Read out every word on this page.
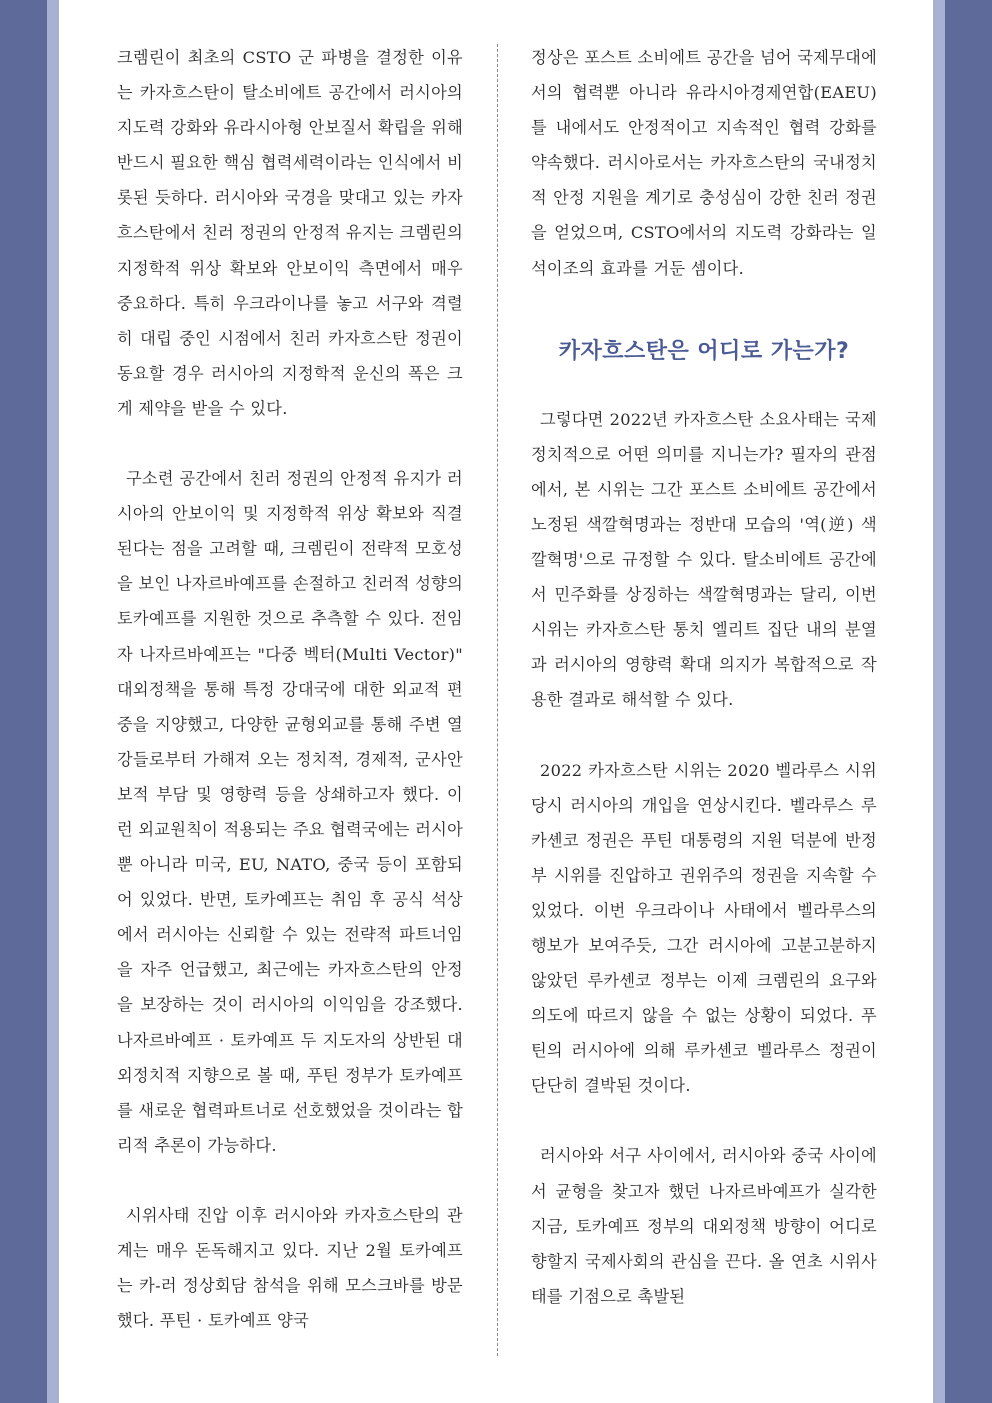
크렘린이 최초의 CSTO 군 파병을 결정한 이유는 카자흐스탄이 탈소비에트 공간에서 러시아의 지도력 강화와 유라시아형 안보질서 확립을 위해 반드시 필요한 핵심 협력세력이라는 인식에서 비롯된 듯하다. 러시아와 국경을 맞대고 있는 카자흐스탄에서 친러 정권의 안정적 유지는 크렘린의 지정학적 위상 확보와 안보이익 측면에서 매우 중요하다. 특히 우크라이나를 놓고 서구와 격렬히 대립 중인 시점에서 친러 카자흐스탄 정권이 동요할 경우 러시아의 지정학적 운신의 폭은 크게 제약을 받을 수 있다.

구소련 공간에서 친러 정권의 안정적 유지가 러시아의 안보이익 및 지정학적 위상 확보와 직결된다는 점을 고려할 때, 크렘린이 전략적 모호성을 보인 나자르바예프를 손절하고 친러적 성향의 토카예프를 지원한 것으로 추측할 수 있다. 전임자 나자르바예프는 "다중 벡터(Multi Vector)" 대외정책을 통해 특정 강대국에 대한 외교적 편중을 지양했고, 다양한 균형외교를 통해 주변 열강들로부터 가해져 오는 정치적, 경제적, 군사안보적 부담 및 영향력 등을 상쇄하고자 했다. 이런 외교원칙이 적용되는 주요 협력국에는 러시아뿐 아니라 미국, EU, NATO, 중국 등이 포함되어 있었다. 반면, 토카예프는 취임 후 공식 석상에서 러시아는 신뢰할 수 있는 전략적 파트너임을 자주 언급했고, 최근에는 카자흐스탄의 안정을 보장하는 것이 러시아의 이익임을 강조했다. 나자르바예프 · 토카예프 두 지도자의 상반된 대외정치적 지향으로 볼 때, 푸틴 정부가 토카예프를 새로운 협력파트너로 선호했었을 것이라는 합리적 추론이 가능하다.

시위사태 진압 이후 러시아와 카자흐스탄의 관계는 매우 돈독해지고 있다. 지난 2월 토카예프는 카-러 정상회담 참석을 위해 모스크바를 방문했다. 푸틴 · 토카예프 양국

정상은 포스트 소비에트 공간을 넘어 국제무대에서의 협력뿐 아니라 유라시아경제연합(EAEU) 틀 내에서도 안정적이고 지속적인 협력 강화를 약속했다. 러시아로서는 카자흐스탄의 국내정치적 안정 지원을 계기로 충성심이 강한 친러 정권을 얻었으며, CSTO에서의 지도력 강화라는 일석이조의 효과를 거둔 셈이다.

카자흐스탄은 어디로 가는가?

그렇다면 2022년 카자흐스탄 소요사태는 국제정치적으로 어떤 의미를 지니는가? 필자의 관점에서, 본 시위는 그간 포스트 소비에트 공간에서 노정된 색깔혁명과는 정반대 모습의 '역(逆) 색깔혁명'으로 규정할 수 있다. 탈소비에트 공간에서 민주화를 상징하는 색깔혁명과는 달리, 이번 시위는 카자흐스탄 통치 엘리트 집단 내의 분열과 러시아의 영향력 확대 의지가 복합적으로 작용한 결과로 해석할 수 있다.

2022 카자흐스탄 시위는 2020 벨라루스 시위 당시 러시아의 개입을 연상시킨다. 벨라루스 루카셴코 정권은 푸틴 대통령의 지원 덕분에 반정부 시위를 진압하고 권위주의 정권을 지속할 수 있었다. 이번 우크라이나 사태에서 벨라루스의 행보가 보여주듯, 그간 러시아에 고분고분하지 않았던 루카셴코 정부는 이제 크렘린의 요구와 의도에 따르지 않을 수 없는 상황이 되었다. 푸틴의 러시아에 의해 루카셴코 벨라루스 정권이 단단히 결박된 것이다.

러시아와 서구 사이에서, 러시아와 중국 사이에서 균형을 찾고자 했던 나자르바예프가 실각한 지금, 토카예프 정부의 대외정책 방향이 어디로 향할지 국제사회의 관심을 끈다. 올 연초 시위사태를 기점으로 촉발된
